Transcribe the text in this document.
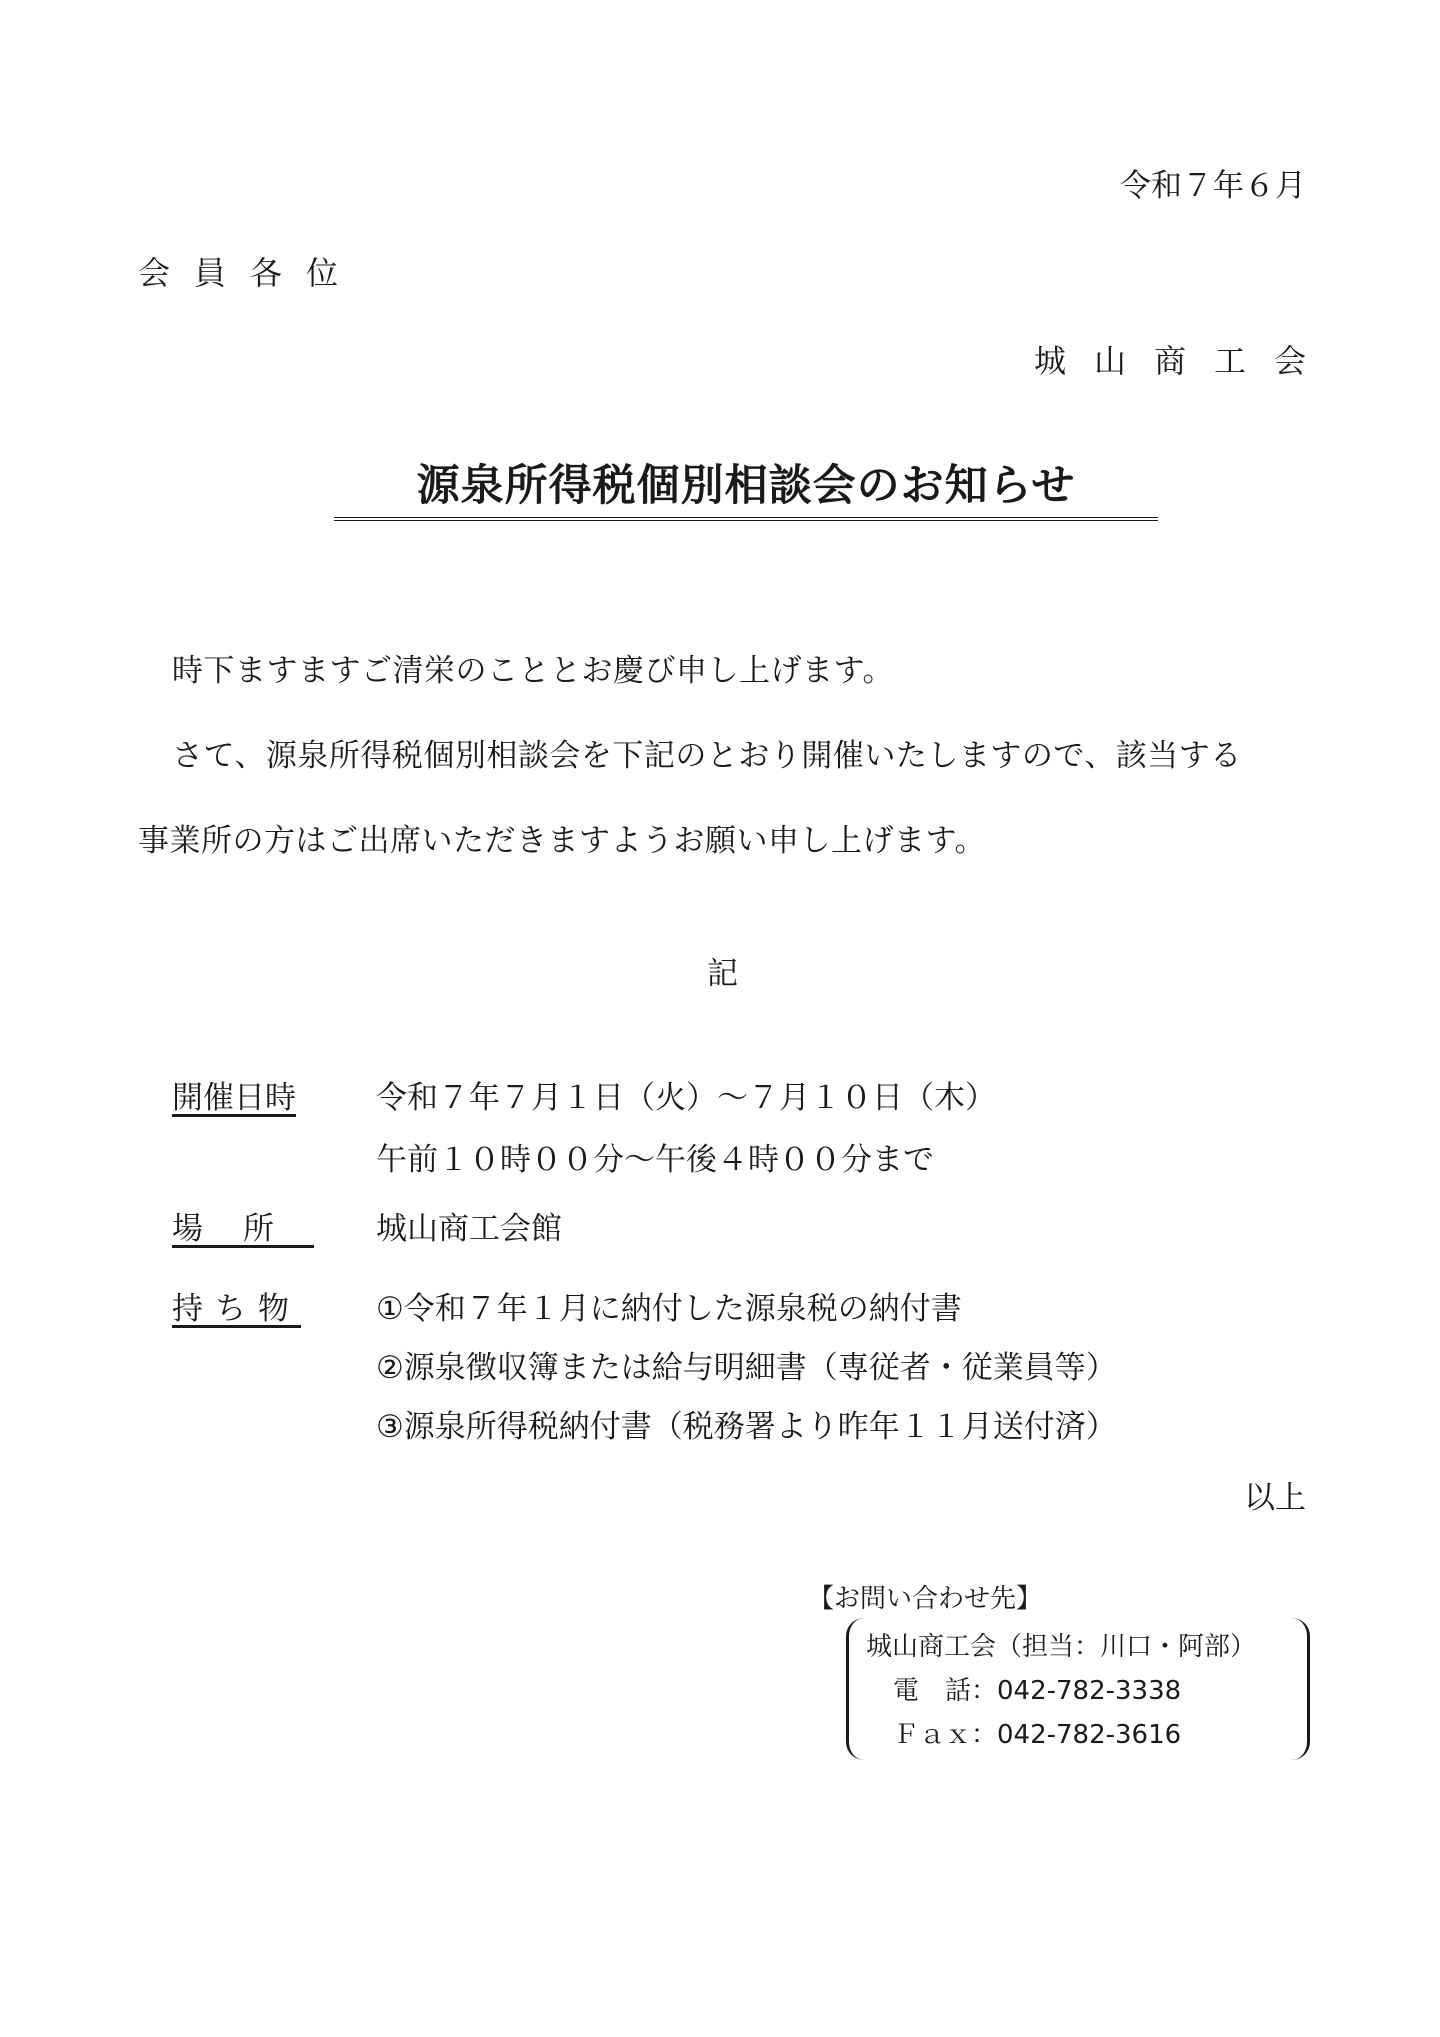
令和７年６月
会員各位
城山商工会
源泉所得税個別相談会のお知らせ
時下ますますご清栄のこととお慶び申し上げます。
さて、源泉所得税個別相談会を下記のとおり開催いたしますので、該当する
事業所の方はご出席いただきますようお願い申し上げます。
記
開催日時	令和７年７月１日（火）～７月１０日（木）
午前１０時００分～午後４時００分まで
場所 城山商工会館
持ち物 ①令和７年１月に納付した源泉税の納付書
②源泉徴収簿または給与明細書（専従者・従業員等）
③源泉所得税納付書（税務署より昨年１１月送付済）
以上
【お問い合わせ先】
城山商工会（担当：川口・阿部）
電　話：042-782-3338
Ｆａｘ：042-782-3616
